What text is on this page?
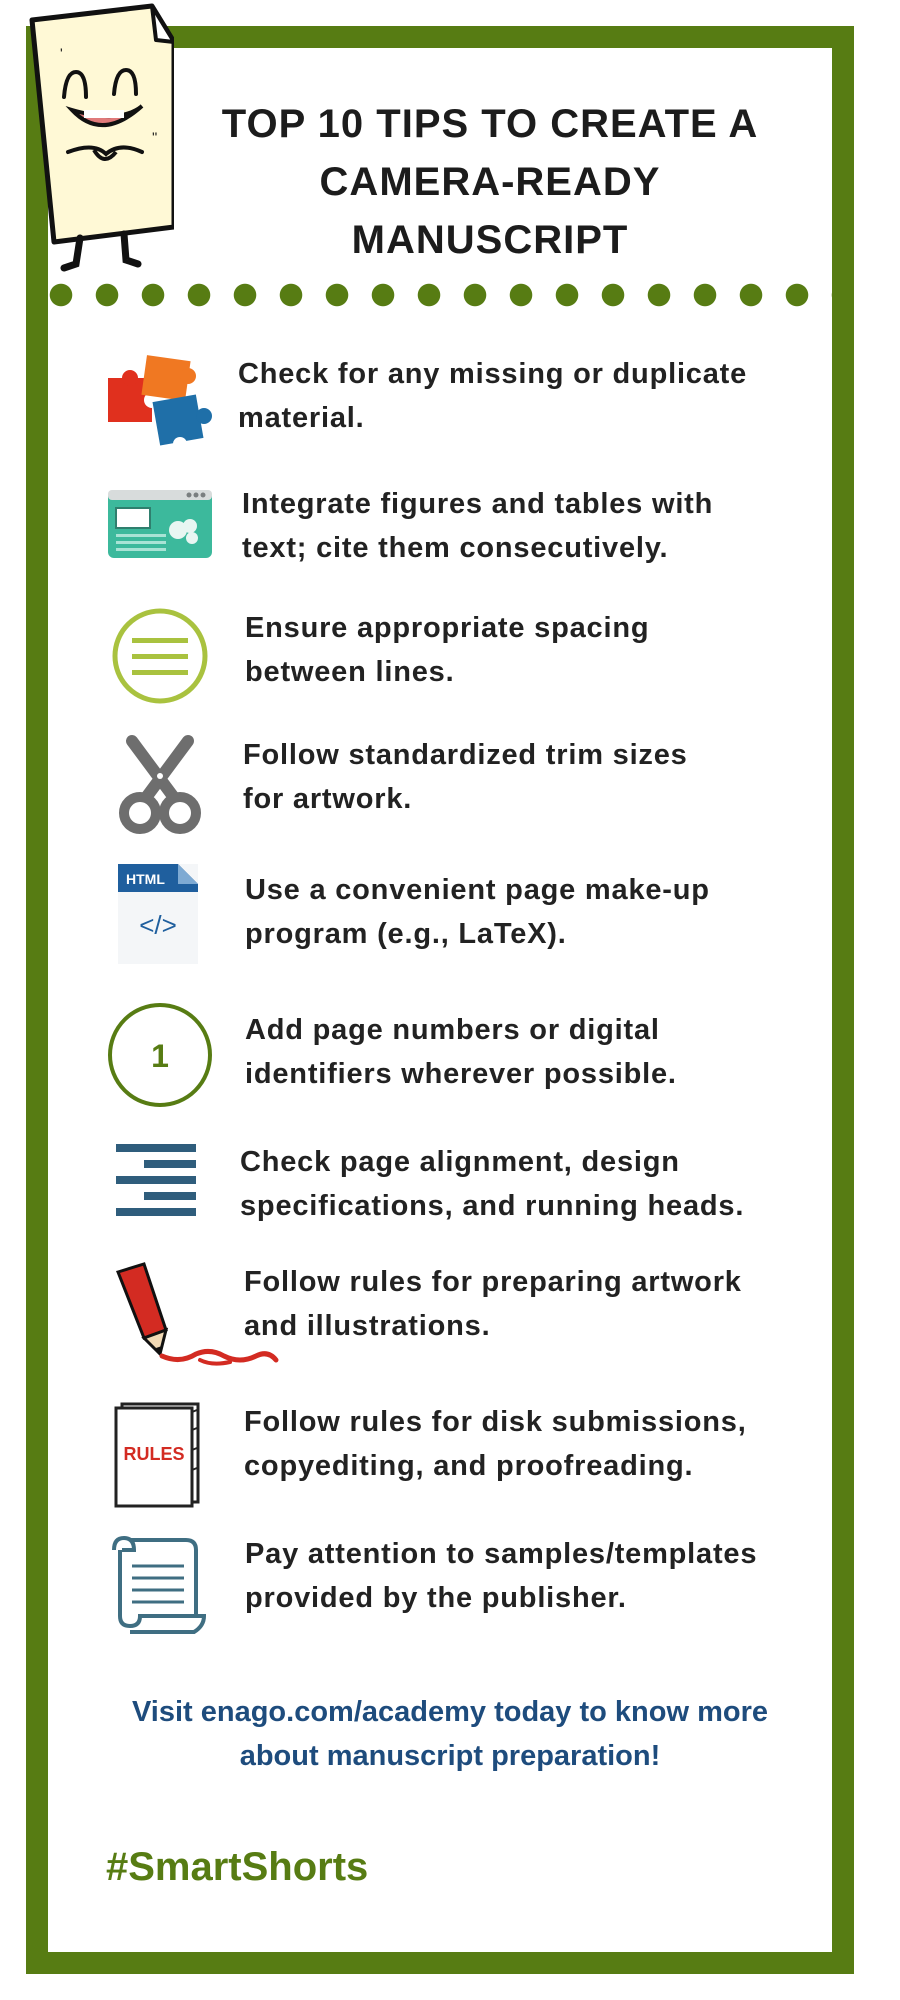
'
''	TOP 10 TIPS TO CREATE A
CAMERA-READY
MANUSCRIPT

Check for any missing or duplicate
material.

Integrate figures and tables with
text; cite them consecutively.

Ensure appropriate spacing
between lines.

Follow standardized trim sizes
for artwork.

HTML
</>

Use a convenient page make-up
program (e.g., LaTeX).

1

Add page numbers or digital
identifiers wherever possible.

Check page alignment, design
specifications, and running heads.

Follow rules for preparing artwork
and illustrations.

RULES

Follow rules for disk submissions,
copyediting, and proofreading.

Pay attention to samples/templates
provided by the publisher.

Visit enago.com/academy today to know more
about manuscript preparation!

#SmartShorts
